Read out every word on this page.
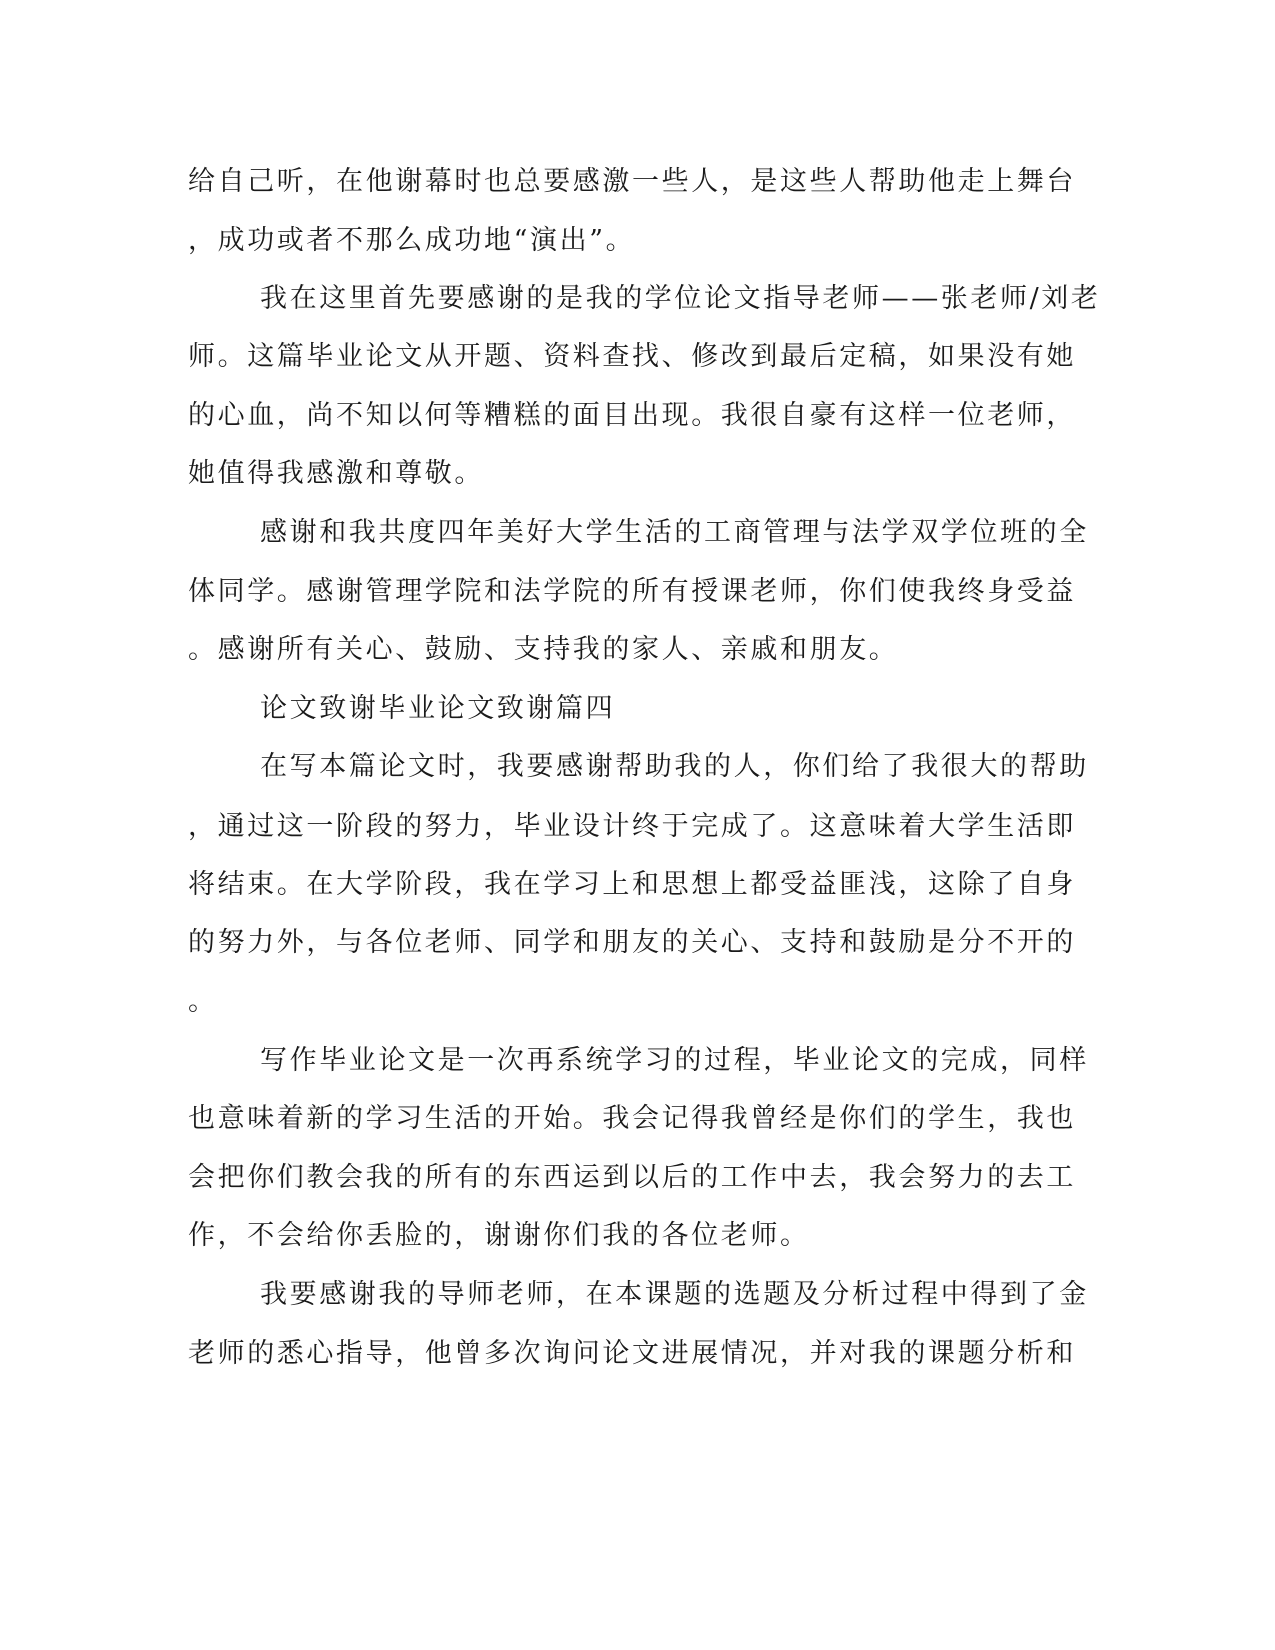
给自己听，在他谢幕时也总要感激一些人，是这些人帮助他走上舞台
，成功或者不那么成功地“演出”。
我在这里首先要感谢的是我的学位论文指导老师——张老师/刘老
师。这篇毕业论文从开题、资料查找、修改到最后定稿，如果没有她
的心血，尚不知以何等糟糕的面目出现。我很自豪有这样一位老师，
她值得我感激和尊敬。
感谢和我共度四年美好大学生活的工商管理与法学双学位班的全
体同学。感谢管理学院和法学院的所有授课老师，你们使我终身受益
。感谢所有关心、鼓励、支持我的家人、亲戚和朋友。
论文致谢毕业论文致谢篇四
在写本篇论文时，我要感谢帮助我的人，你们给了我很大的帮助
，通过这一阶段的努力，毕业设计终于完成了。这意味着大学生活即
将结束。在大学阶段，我在学习上和思想上都受益匪浅，这除了自身
的努力外，与各位老师、同学和朋友的关心、支持和鼓励是分不开的
。
写作毕业论文是一次再系统学习的过程，毕业论文的完成，同样
也意味着新的学习生活的开始。我会记得我曾经是你们的学生，我也
会把你们教会我的所有的东西运到以后的工作中去，我会努力的去工
作，不会给你丢脸的，谢谢你们我的各位老师。
我要感谢我的导师老师，在本课题的选题及分析过程中得到了金
老师的悉心指导，他曾多次询问论文进展情况，并对我的课题分析和
